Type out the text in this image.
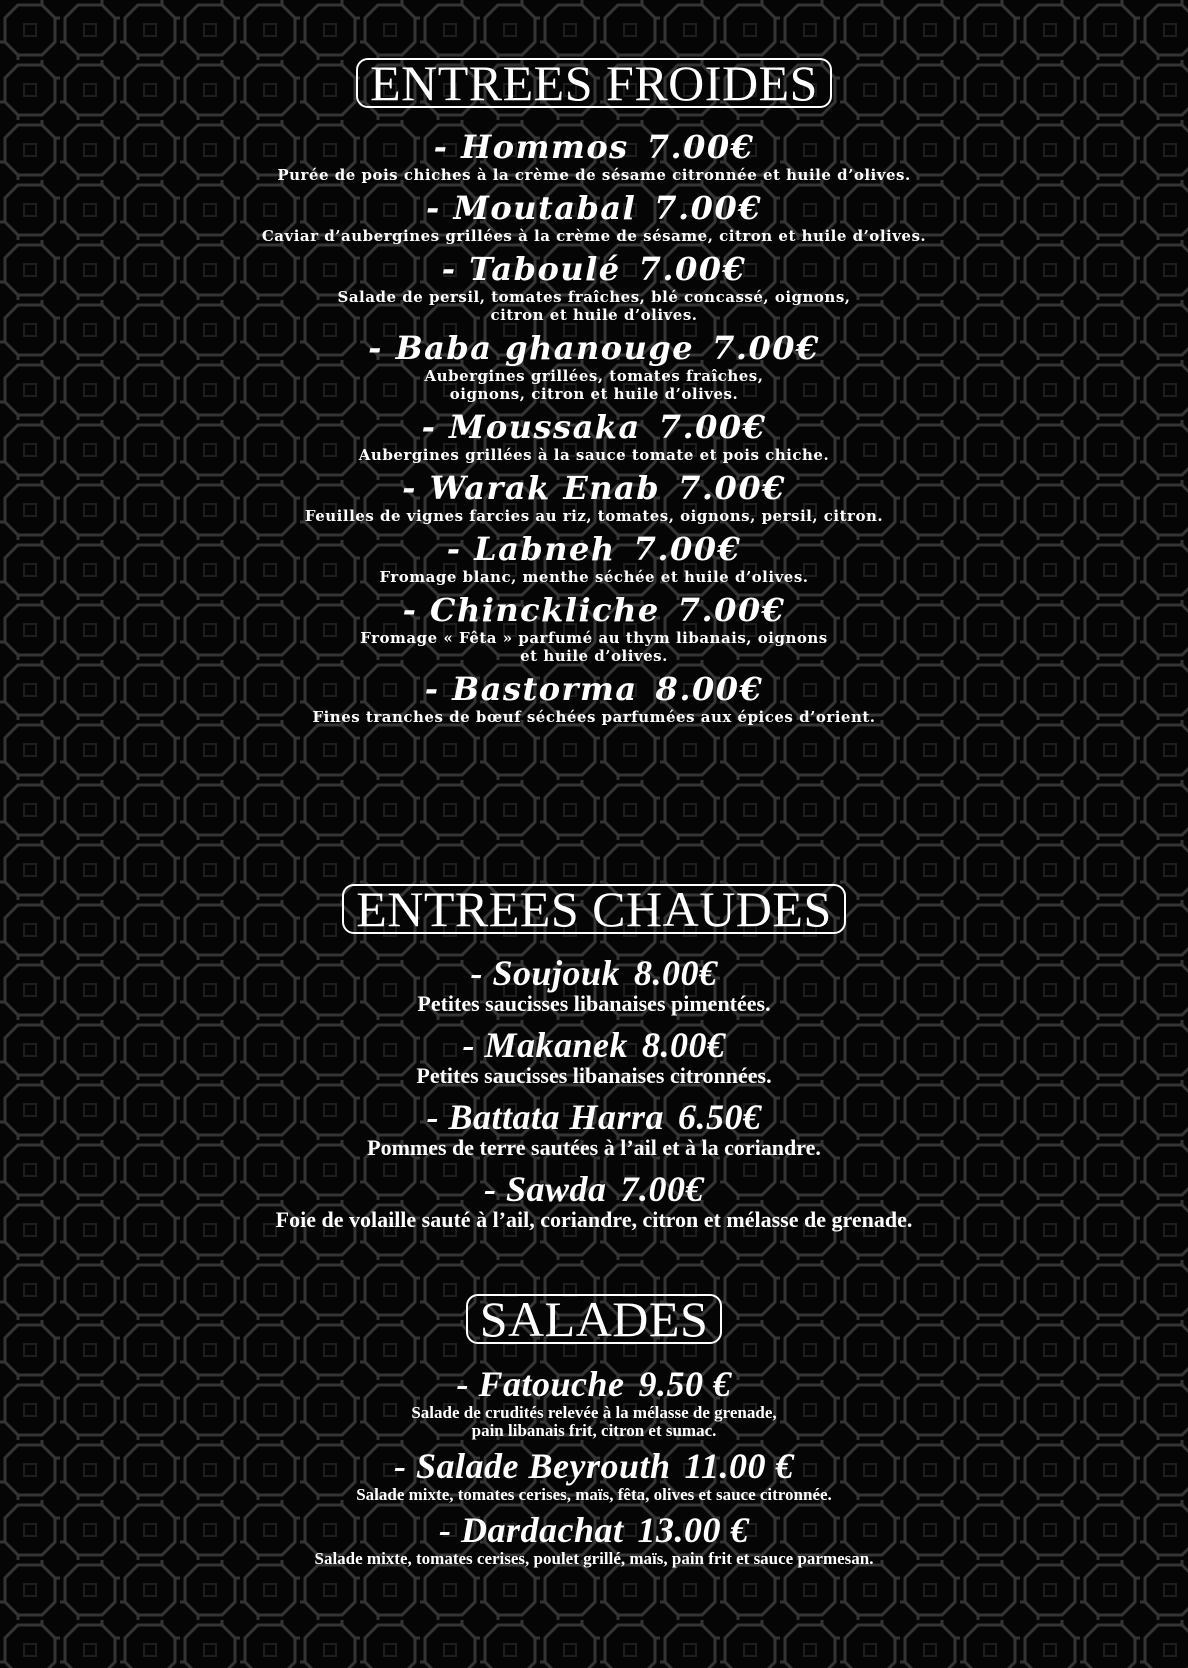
ENTREES FROIDES
- Hommos 7.00€
Purée de pois chiches à la crème de sésame citronnée et huile d’olives.
- Moutabal 7.00€
Caviar d’aubergines grillées à la crème de sésame, citron et huile d’olives.
- Taboulé 7.00€
Salade de persil, tomates fraîches, blé concassé, oignons,
citron et huile d’olives.
- Baba ghanouge 7.00€
Aubergines grillées, tomates fraîches,
oignons, citron et huile d’olives.
- Moussaka 7.00€
Aubergines grillées à la sauce tomate et pois chiche.
- Warak Enab 7.00€
Feuilles de vignes farcies au riz, tomates, oignons, persil, citron.
- Labneh 7.00€
Fromage blanc, menthe séchée et huile d’olives.
- Chinckliche 7.00€
Fromage « Fêta » parfumé au thym libanais, oignons
et huile d’olives.
- Bastorma 8.00€
Fines tranches de bœuf séchées parfumées aux épices d’orient.
ENTREES CHAUDES
- Soujouk 8.00€
Petites saucisses libanaises pimentées.
- Makanek 8.00€
Petites saucisses libanaises citronnées.
- Battata Harra 6.50€
Pommes de terre sautées à l’ail et à la coriandre.
- Sawda 7.00€
Foie de volaille sauté à l’ail, coriandre, citron et mélasse de grenade.
SALADES
- Fatouche 9.50 €
Salade de crudités relevée à la mélasse de grenade,
pain libanais frit, citron et sumac.
- Salade Beyrouth 11.00 €
Salade mixte, tomates cerises, maïs, fêta, olives et sauce citronnée.
- Dardachat 13.00 €
Salade mixte, tomates cerises, poulet grillé, maïs, pain frit et sauce parmesan.
